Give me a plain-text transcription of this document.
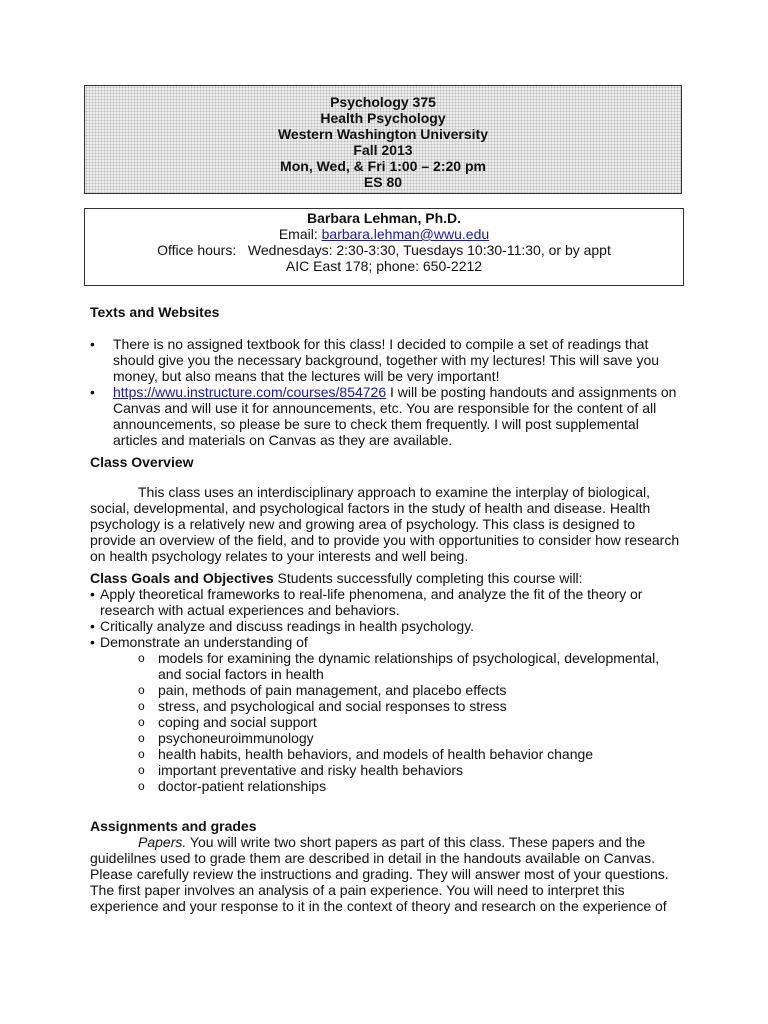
Psychology 375
Health Psychology
Western Washington University
Fall 2013
Mon, Wed, & Fri 1:00 – 2:20 pm
ES 80
Barbara Lehman, Ph.D.
Email: barbara.lehman@wwu.edu
Office hours: Wednesdays: 2:30-3:30, Tuesdays 10:30-11:30, or by appt
AIC East 178; phone: 650-2212
Texts and Websites
• There is no assigned textbook for this class! I decided to compile a set of readings that should give you the necessary background, together with my lectures! This will save you money, but also means that the lectures will be very important!
• https://wwu.instructure.com/courses/854726 I will be posting handouts and assignments on Canvas and will use it for announcements, etc. You are responsible for the content of all announcements, so please be sure to check them frequently. I will post supplemental articles and materials on Canvas as they are available.
Class Overview

This class uses an interdisciplinary approach to examine the interplay of biological, social, developmental, and psychological factors in the study of health and disease. Health psychology is a relatively new and growing area of psychology. This class is designed to provide an overview of the field, and to provide you with opportunities to consider how research on health psychology relates to your interests and well being.

Class Goals and Objectives Students successfully completing this course will:
• Apply theoretical frameworks to real-life phenomena, and analyze the fit of the theory or research with actual experiences and behaviors.
• Critically analyze and discuss readings in health psychology.
• Demonstrate an understanding of
o models for examining the dynamic relationships of psychological, developmental, and social factors in health
o pain, methods of pain management, and placebo effects
o stress, and psychological and social responses to stress
o coping and social support
o psychoneuroimmunology
o health habits, health behaviors, and models of health behavior change
o important preventative and risky health behaviors
o doctor-patient relationships
Assignments and grades

Papers. You will write two short papers as part of this class. These papers and the guidelilnes used to grade them are described in detail in the handouts available on Canvas. Please carefully review the instructions and grading. They will answer most of your questions. The first paper involves an analysis of a pain experience. You will need to interpret this experience and your response to it in the context of theory and research on the experience of
